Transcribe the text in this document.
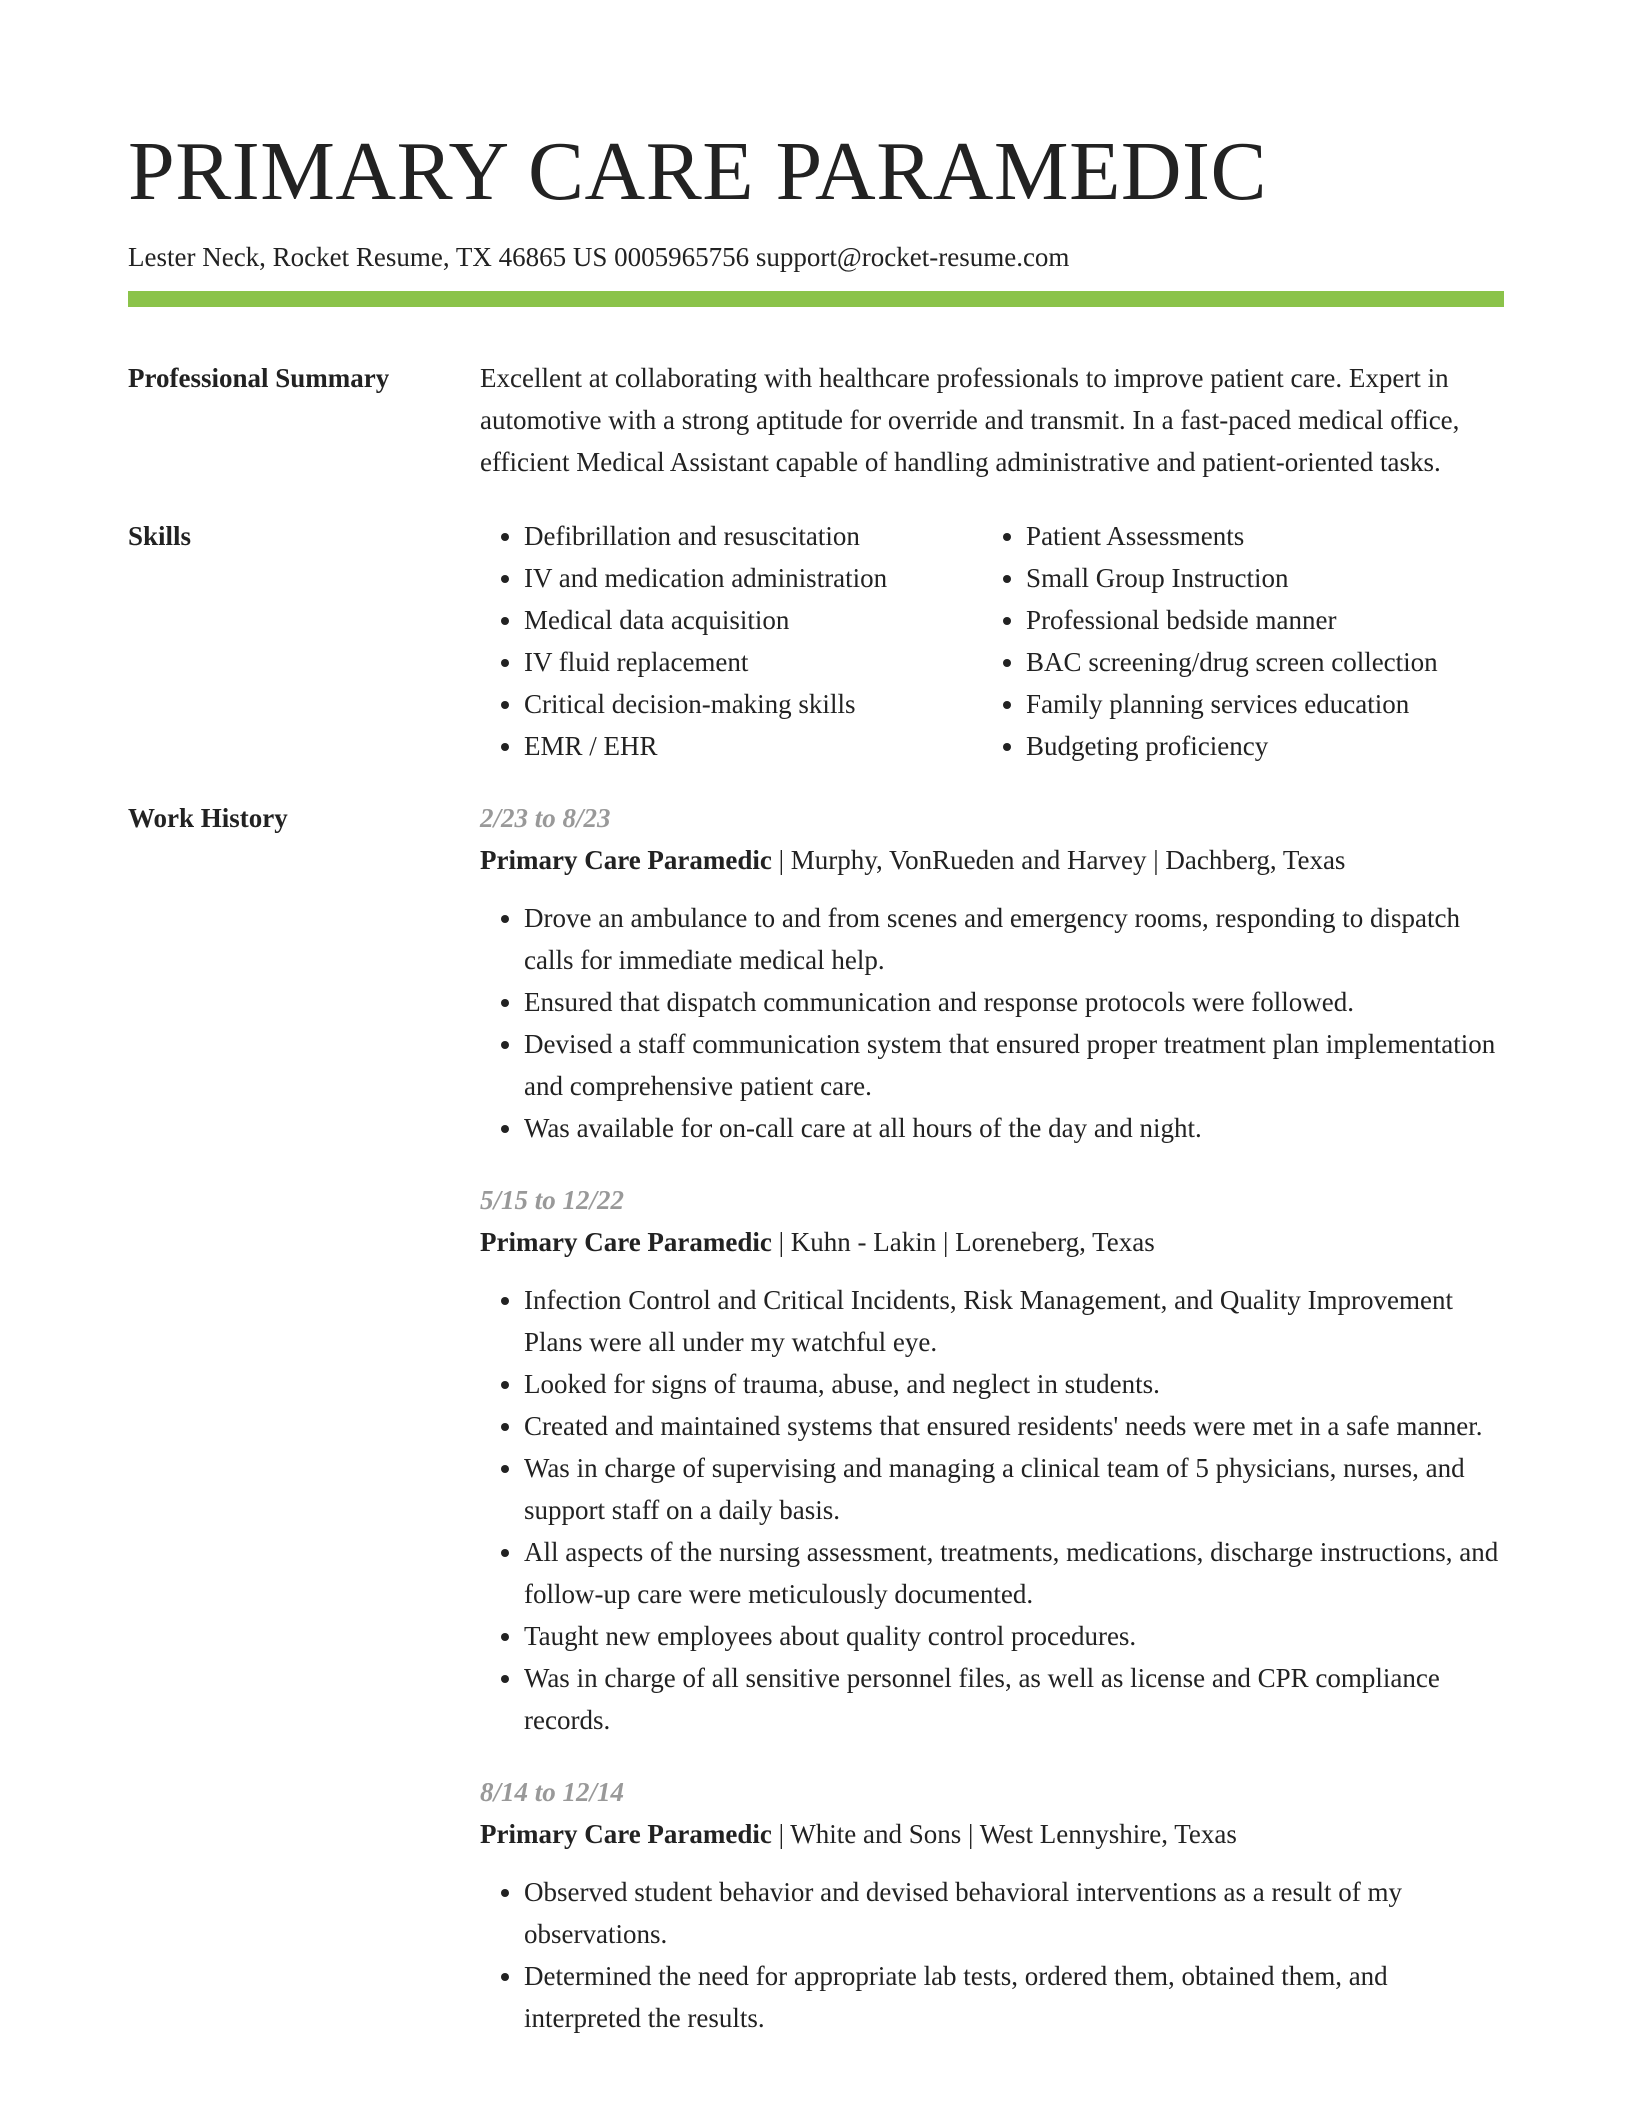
PRIMARY CARE PARAMEDIC
Lester Neck, Rocket Resume, TX 46865 US 0005965756 support@rocket-resume.com
Professional Summary	Excellent at collaborating with healthcare professionals to improve patient care. Expert in automotive with a strong aptitude for override and transmit. In a fast-paced medical office, efficient Medical Assistant capable of handling administrative and patient-oriented tasks.

Skills
•	Defibrillation and resuscitation
• IV and medication administration
• Medical data acquisition
• IV fluid replacement
• Critical decision-making skills
• EMR / EHR
• Patient Assessments
• Small Group Instruction
• Professional bedside manner
• BAC screening/drug screen collection
• Family planning services education
• Budgeting proficiency
Work History	2/23 to 8/23
Primary Care Paramedic | Murphy, VonRueden and Harvey | Dachberg, Texas
• Drove an ambulance to and from scenes and emergency rooms, responding to dispatch calls for immediate medical help.
• Ensured that dispatch communication and response protocols were followed.
• Devised a staff communication system that ensured proper treatment plan implementation and comprehensive patient care.
• Was available for on-call care at all hours of the day and night.
5/15 to 12/22
Primary Care Paramedic | Kuhn - Lakin | Loreneberg, Texas
• Infection Control and Critical Incidents, Risk Management, and Quality Improvement Plans were all under my watchful eye.
• Looked for signs of trauma, abuse, and neglect in students.
• Created and maintained systems that ensured residents' needs were met in a safe manner.
• Was in charge of supervising and managing a clinical team of 5 physicians, nurses, and support staff on a daily basis.
• All aspects of the nursing assessment, treatments, medications, discharge instructions, and follow-up care were meticulously documented.
• Taught new employees about quality control procedures.
• Was in charge of all sensitive personnel files, as well as license and CPR compliance records.
8/14 to 12/14
Primary Care Paramedic | White and Sons | West Lennyshire, Texas
• Observed student behavior and devised behavioral interventions as a result of my observations.
• Determined the need for appropriate lab tests, ordered them, obtained them, and interpreted the results.
